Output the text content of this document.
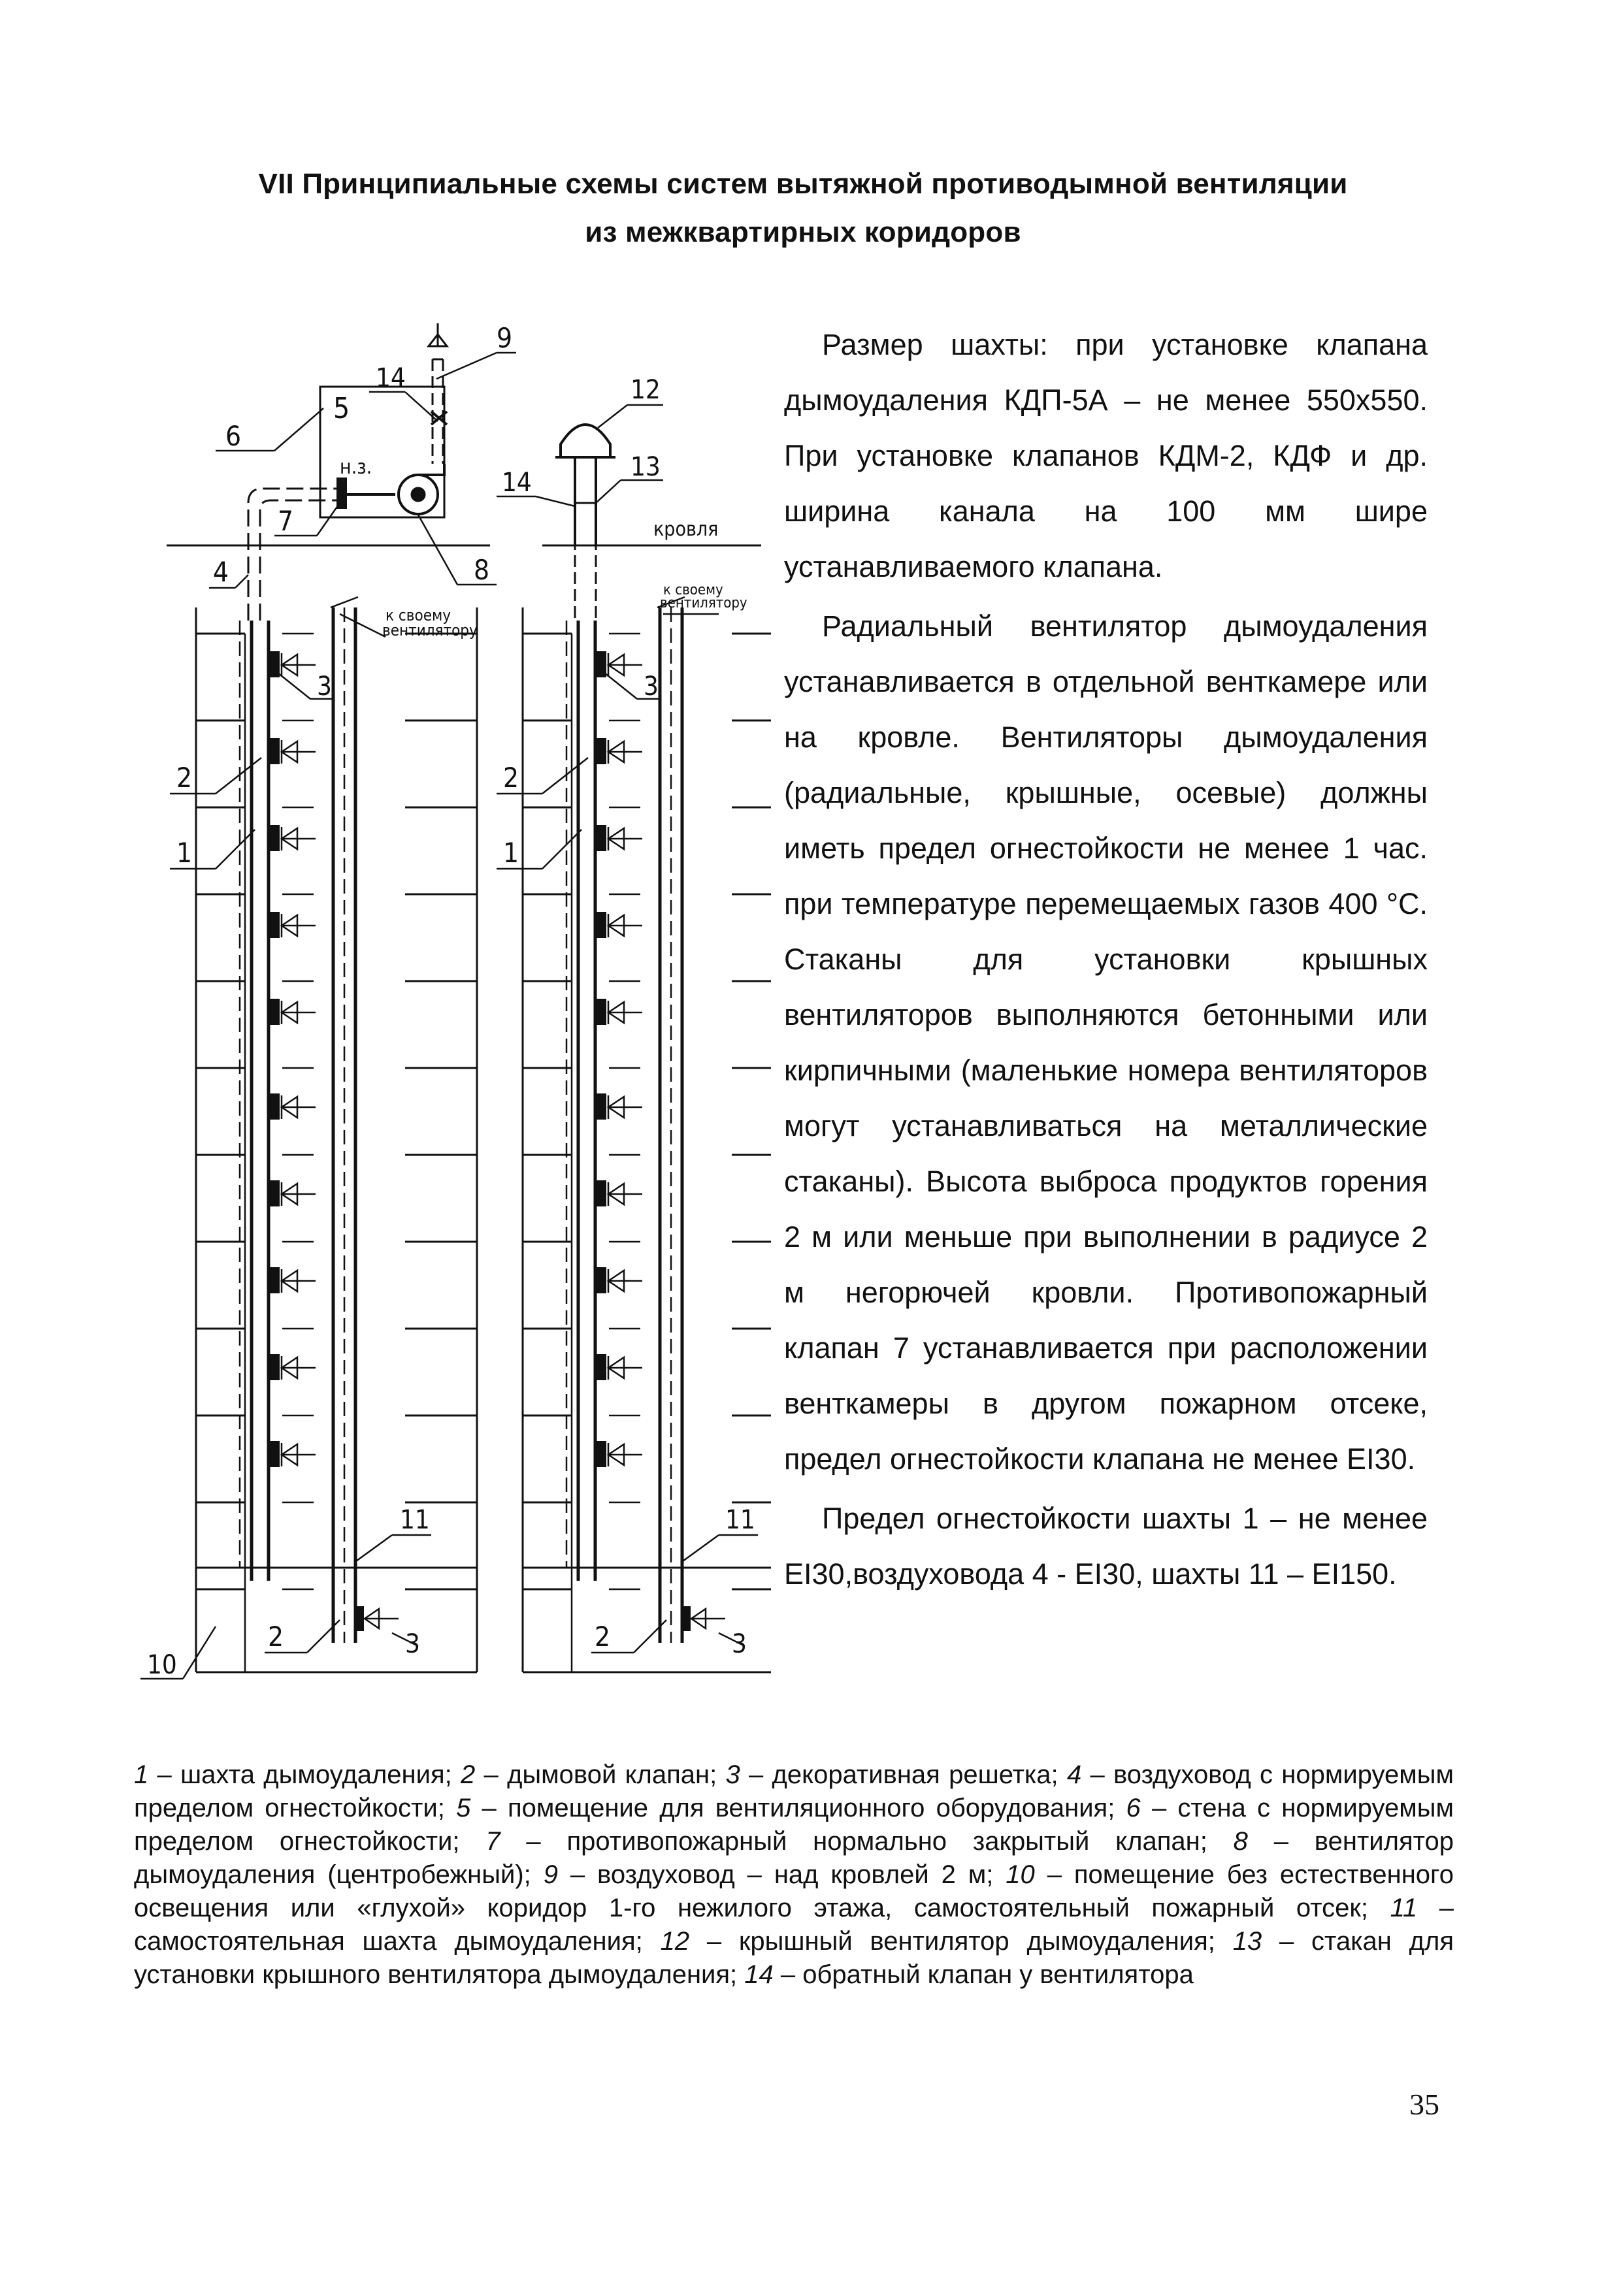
VII Принципиальные схемы систем вытяжной противодымной вентиляции
из межквартирных коридоров
9
14
5
6
н.з.
7
8
4
к своему
вентилятору
3
2
1
11
2	3
10
12
13
14
кровля
к своему
вентилятору
3
2
1
11
2	3

Размер шахты: при установке клапана дымоудаления КДП-5А – не менее 550х550. При установке клапанов КДМ-2, КДФ и др. ширина канала на 100 мм шире устанавливаемого клапана.

Радиальный вентилятор дымоудаления устанавливается в отдельной венткамере или на кровле. Вентиляторы дымоудаления (радиальные, крышные, осевые) должны иметь предел огнестойкости не менее 1 час. при температуре перемещаемых газов 400 °С. Стаканы для установки крышных вентиляторов выполняются бетонными или кирпичными (маленькие номера вентиляторов могут устанавливаться на металлические стаканы). Высота выброса продуктов горения 2 м или меньше при выполнении в радиусе 2 м негорючей кровли. Противопожарный клапан 7 устанавливается при расположении венткамеры в другом пожарном отсеке, предел огнестойкости клапана не менее EI30.

Предел огнестойкости шахты 1 – не менее EI30,воздуховода 4 - EI30, шахты 11 – EI150.

1 – шахта дымоудаления; 2 – дымовой клапан; 3 – декоративная решетка; 4 – воздуховод с нормируемым пределом огнестойкости; 5 – помещение для вентиляционного оборудования; 6 – стена с нормируемым пределом огнестойкости; 7 – противопожарный нормально закрытый клапан; 8 – вентилятор дымоудаления (центробежный); 9 – воздуховод – над кровлей 2 м; 10 – помещение без естественного освещения или «глухой» коридор 1-го нежилого этажа, самостоятельный пожарный отсек; 11 – самостоятельная шахта дымоудаления; 12 – крышный вентилятор дымоудаления; 13 – стакан для установки крышного вентилятора дымоудаления; 14 – обратный клапан у вентилятора
35
